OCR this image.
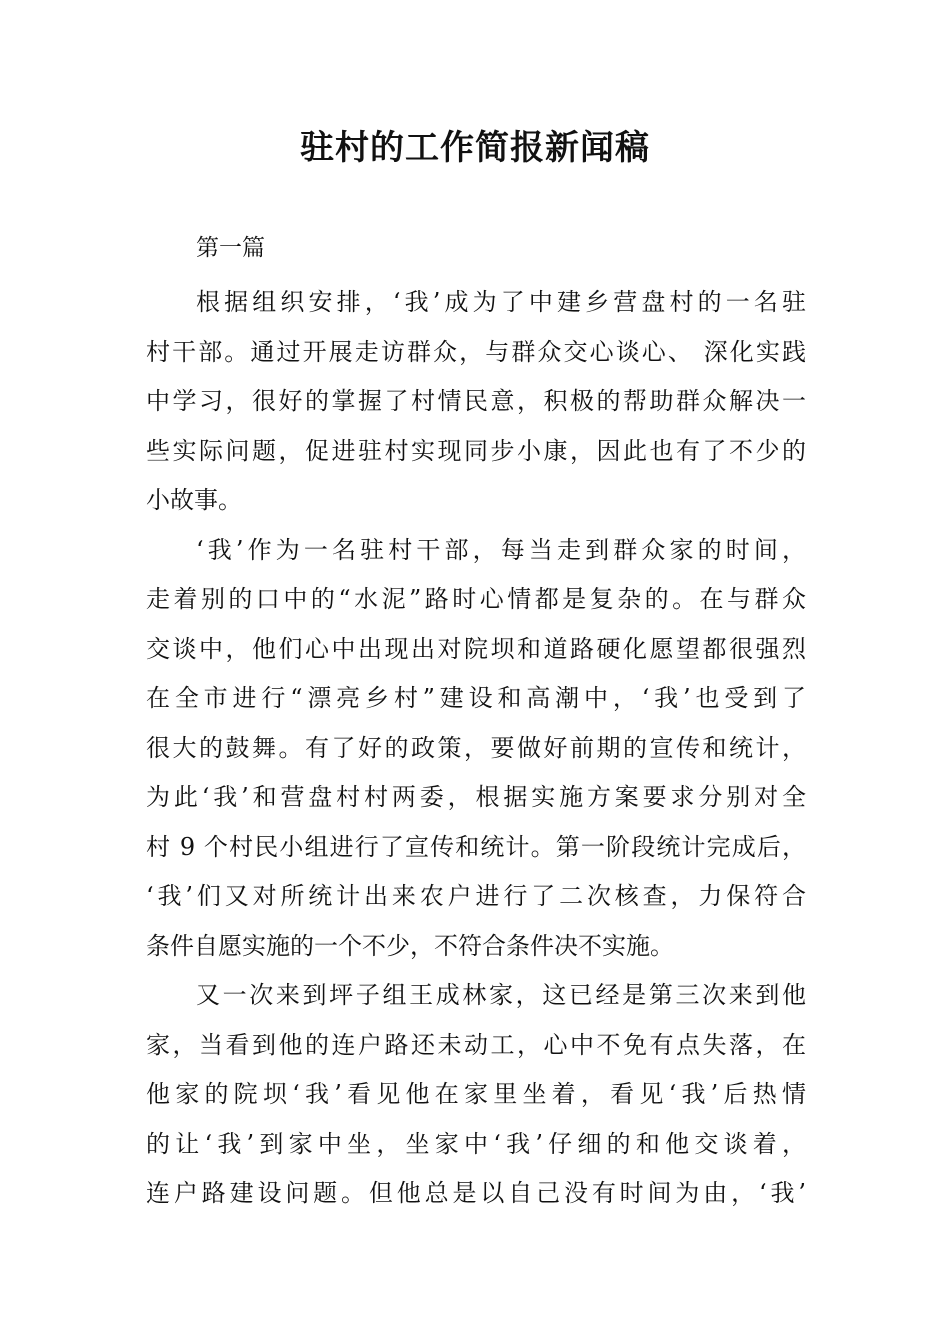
驻村的工作简报新闻稿

第一篇

根据组织安排，‘我’成为了中建乡营盘村的一名驻
村干部。通过开展走访群众，与群众交心谈心、 深化实践
中学习，很好的掌握了村情民意，积极的帮助群众解决一
些实际问题，促进驻村实现同步小康，因此也有了不少的
小故事。

‘我’作为一名驻村干部，每当走到群众家的时间，
走着别的口中的“水泥”路时心情都是复杂的。在与群众
交谈中，他们心中出现出对院坝和道路硬化愿望都很强烈
在全市进行“漂亮乡村”建设和高潮中，‘我’也受到了
很大的鼓舞。有了好的政策，要做好前期的宣传和统计，
为此‘我’和营盘村村两委，根据实施方案要求分别对全
村 9 个村民小组进行了宣传和统计。第一阶段统计完成后，
‘我’们又对所统计出来农户进行了二次核查，力保符合
条件自愿实施的一个不少，不符合条件决不实施。

又一次来到坪子组王成林家，这已经是第三次来到他
家，当看到他的连户路还未动工，心中不免有点失落，在
他家的院坝‘我’看见他在家里坐着，看见‘我’后热情
的让‘我’到家中坐，坐家中‘我’仔细的和他交谈着，
连户路建设问题。但他总是以自己没有时间为由，‘我’
